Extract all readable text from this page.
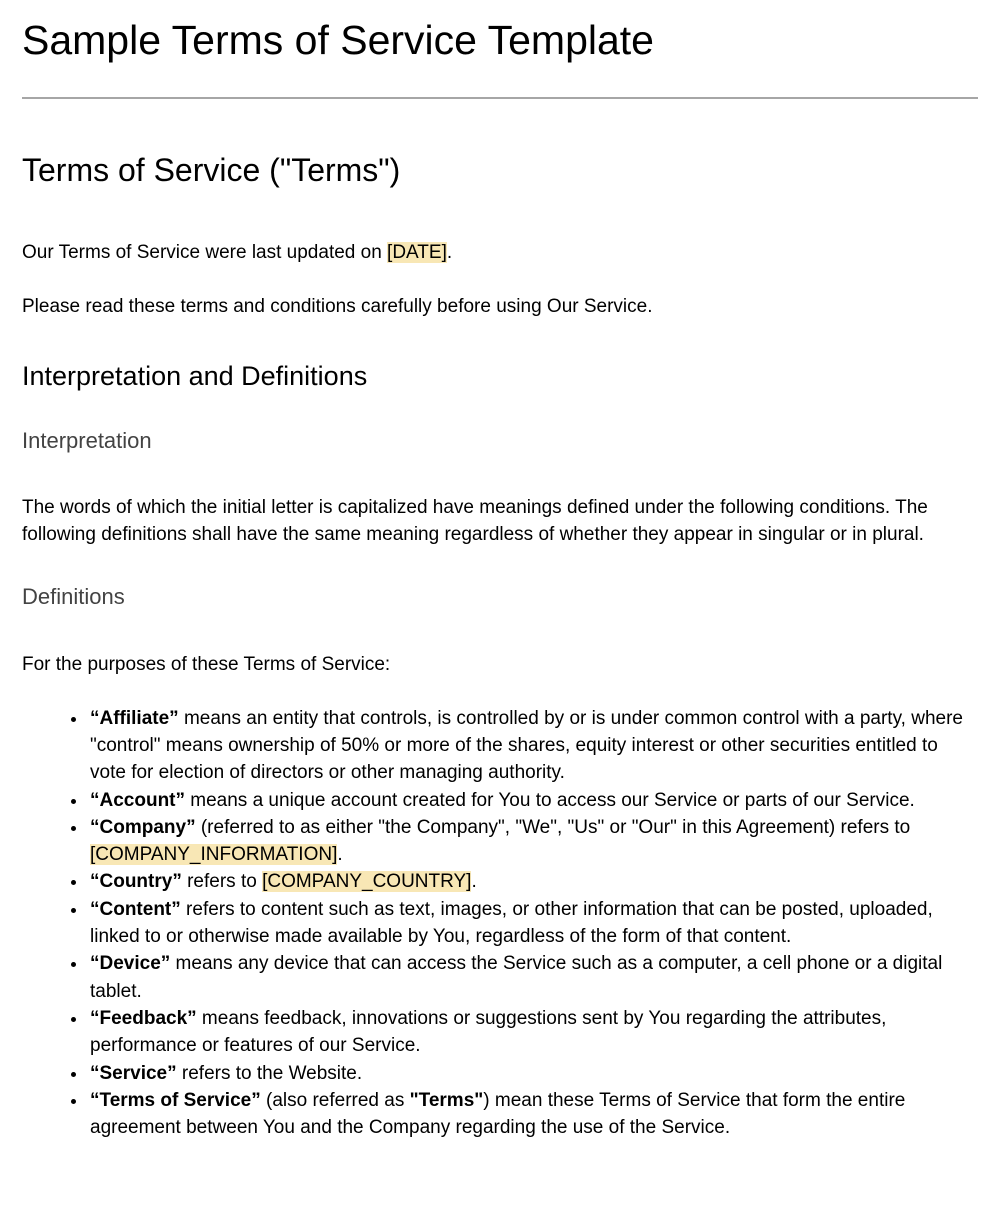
Sample Terms of Service Template
Terms of Service ("Terms")

Our Terms of Service were last updated on [DATE].

Please read these terms and conditions carefully before using Our Service.

Interpretation and Definitions
Interpretation

The words of which the initial letter is capitalized have meanings defined under the following conditions. The following definitions shall have the same meaning regardless of whether they appear in singular or in plural.

Definitions

For the purposes of these Terms of Service:

• “Affiliate” means an entity that controls, is controlled by or is under common control with a party, where "control" means ownership of 50% or more of the shares, equity interest or other securities entitled to vote for election of directors or other managing authority.
• “Account” means a unique account created for You to access our Service or parts of our Service.
• “Company” (referred to as either "the Company", "We", "Us" or "Our" in this Agreement) refers to [COMPANY_INFORMATION].
• “Country” refers to [COMPANY_COUNTRY].
• “Content” refers to content such as text, images, or other information that can be posted, uploaded, linked to or otherwise made available by You, regardless of the form of that content.
• “Device” means any device that can access the Service such as a computer, a cell phone or a digital tablet.
• “Feedback” means feedback, innovations or suggestions sent by You regarding the attributes, performance or features of our Service.
• “Service” refers to the Website.
• “Terms of Service” (also referred as "Terms") mean these Terms of Service that form the entire agreement between You and the Company regarding the use of the Service.
